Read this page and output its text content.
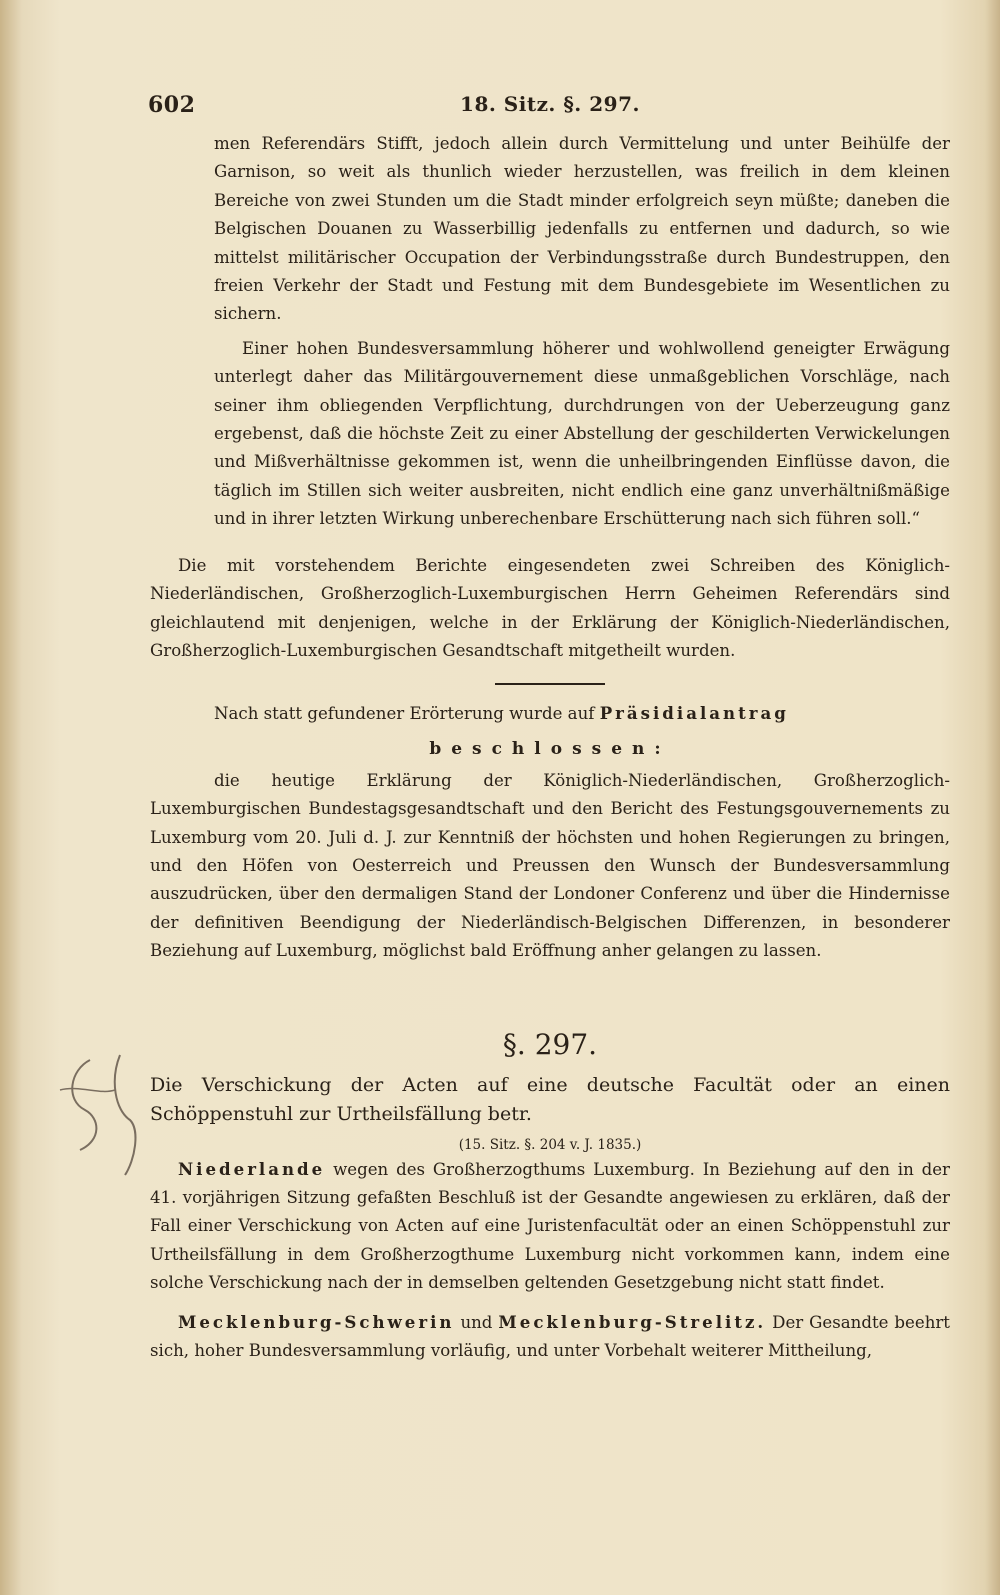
602	18. Sitz. §. 297.

men Referendärs Stifft, jedoch allein durch Vermittelung und unter Beihülfe der Garnison, so weit als thunlich wieder herzustellen, was freilich in dem kleinen Bereiche von zwei Stunden um die Stadt minder erfolgreich seyn müßte; daneben die Belgischen Douanen zu Wasserbillig jedenfalls zu entfernen und dadurch, so wie mittelst militärischer Occupation der Verbindungsstraße durch Bundestruppen, den freien Verkehr der Stadt und Festung mit dem Bundesgebiete im Wesentlichen zu sichern.

Einer hohen Bundesversammlung höherer und wohlwollend geneigter Erwägung unterlegt daher das Militärgouvernement diese unmaßgeblichen Vorschläge, nach seiner ihm obliegenden Verpflichtung, durchdrungen von der Ueberzeugung ganz ergebenst, daß die höchste Zeit zu einer Abstellung der geschilderten Verwickelungen und Mißverhältnisse gekommen ist, wenn die unheilbringenden Einflüsse davon, die täglich im Stillen sich weiter ausbreiten, nicht endlich eine ganz unverhältnißmäßige und in ihrer letzten Wirkung unberechenbare Erschütterung nach sich führen soll.“

Die mit vorstehendem Berichte eingesendeten zwei Schreiben des Königlich-Niederländischen, Großherzoglich-Luxemburgischen Herrn Geheimen Referendärs sind gleichlautend mit denjenigen, welche in der Erklärung der Königlich-Niederländischen, Großherzoglich-Luxemburgischen Gesandtschaft mitgetheilt wurden.

Nach statt gefundener Erörterung wurde auf Präsidialantrag

beschlossen:

die heutige Erklärung der Königlich-Niederländischen, Großherzoglich-Luxemburgischen Bundestagsgesandtschaft und den Bericht des Festungsgouvernements zu Luxemburg vom 20. Juli d. J. zur Kenntniß der höchsten und hohen Regierungen zu bringen, und den Höfen von Oesterreich und Preussen den Wunsch der Bundesversammlung auszudrücken, über den dermaligen Stand der Londoner Conferenz und über die Hindernisse der definitiven Beendigung der Niederländisch-Belgischen Differenzen, in besonderer Beziehung auf Luxemburg, möglichst bald Eröffnung anher gelangen zu lassen.

§. 297.

Die Verschickung der Acten auf eine deutsche Facultät oder an einen Schöppenstuhl zur Urtheilsfällung betr.

(15. Sitz. §. 204 v. J. 1835.)

Niederlande wegen des Großherzogthums Luxemburg. In Beziehung auf den in der 41. vorjährigen Sitzung gefaßten Beschluß ist der Gesandte angewiesen zu erklären, daß der Fall einer Verschickung von Acten auf eine Juristenfacultät oder an einen Schöppenstuhl zur Urtheilsfällung in dem Großherzogthume Luxemburg nicht vorkommen kann, indem eine solche Verschickung nach der in demselben geltenden Gesetzgebung nicht statt findet.

Mecklenburg-Schwerin und Mecklenburg-Strelitz. Der Gesandte beehrt sich, hoher Bundesversammlung vorläufig, und unter Vorbehalt weiterer Mittheilung,
